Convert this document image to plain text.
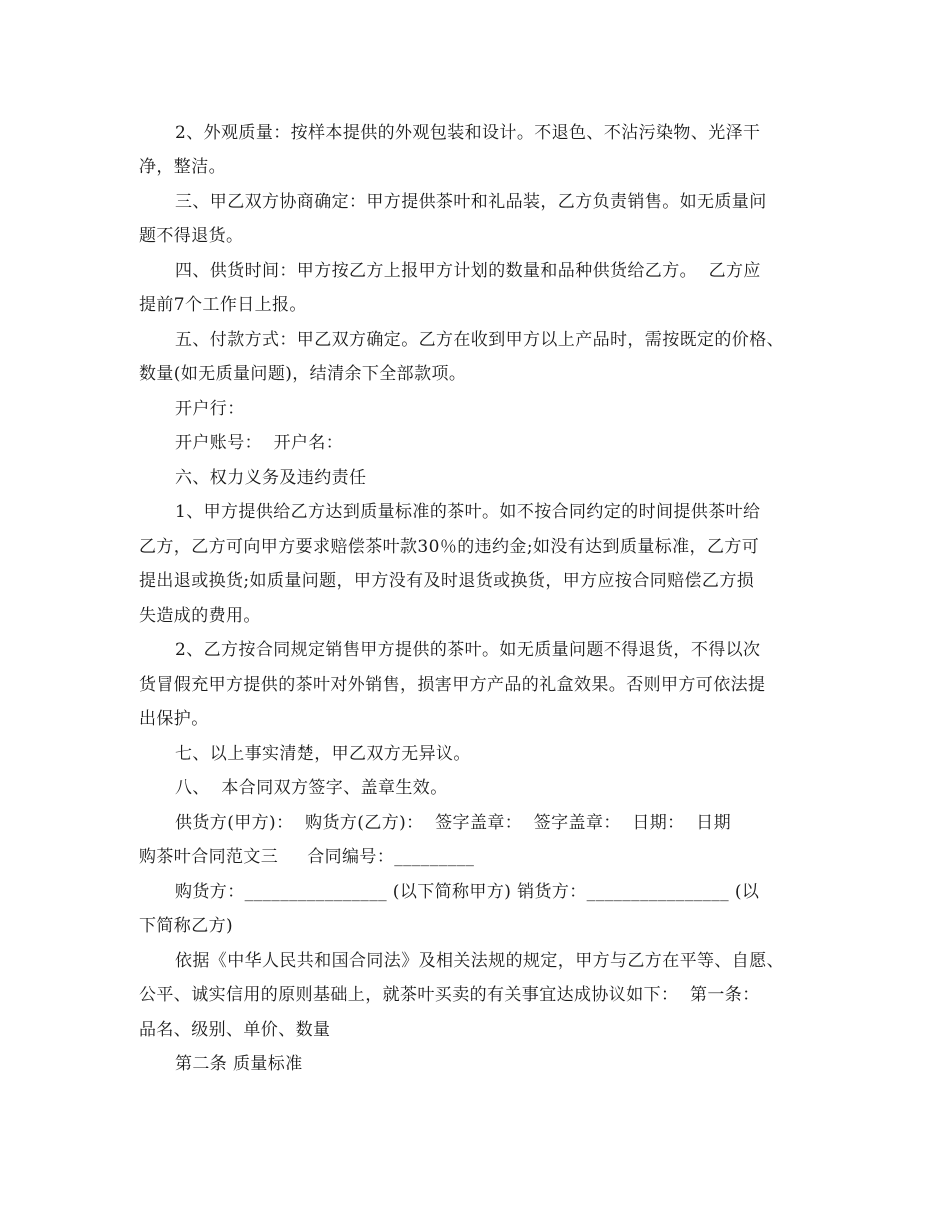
2、外观质量：按样本提供的外观包装和设计。不退色、不沾污染物、光泽干
净，整洁。
三、甲乙双方协商确定：甲方提供茶叶和礼品装，乙方负责销售。如无质量问
题不得退货。
四、供货时间：甲方按乙方上报甲方计划的数量和品种供货给乙方。  乙方应
提前7个工作日上报。
五、付款方式：甲乙双方确定。乙方在收到甲方以上产品时，需按既定的价格、
数量(如无质量问题)，结清余下全部款项。
开户行：
开户账号：  开户名：
六、权力义务及违约责任
1、甲方提供给乙方达到质量标准的茶叶。如不按合同约定的时间提供茶叶给
乙方，乙方可向甲方要求赔偿茶叶款30％的违约金;如没有达到质量标准，乙方可
提出退或换货;如质量问题，甲方没有及时退货或换货，甲方应按合同赔偿乙方损
失造成的费用。
2、乙方按合同规定销售甲方提供的茶叶。如无质量问题不得退货，不得以次
货冒假充甲方提供的茶叶对外销售，损害甲方产品的礼盒效果。否则甲方可依法提
出保护。
七、以上事实清楚，甲乙双方无异议。
八、  本合同双方签字、盖章生效。
供货方(甲方)：  购货方(乙方)：  签字盖章：  签字盖章：  日期：  日期
购茶叶合同范文三     合同编号：_________
购货方：________________ (以下简称甲方) 销货方：________________ (以
下简称乙方)
依据《中华人民共和国合同法》及相关法规的规定，甲方与乙方在平等、自愿、
公平、诚实信用的原则基础上，就茶叶买卖的有关事宜达成协议如下：  第一条：
品名、级别、单价、数量
第二条 质量标准
